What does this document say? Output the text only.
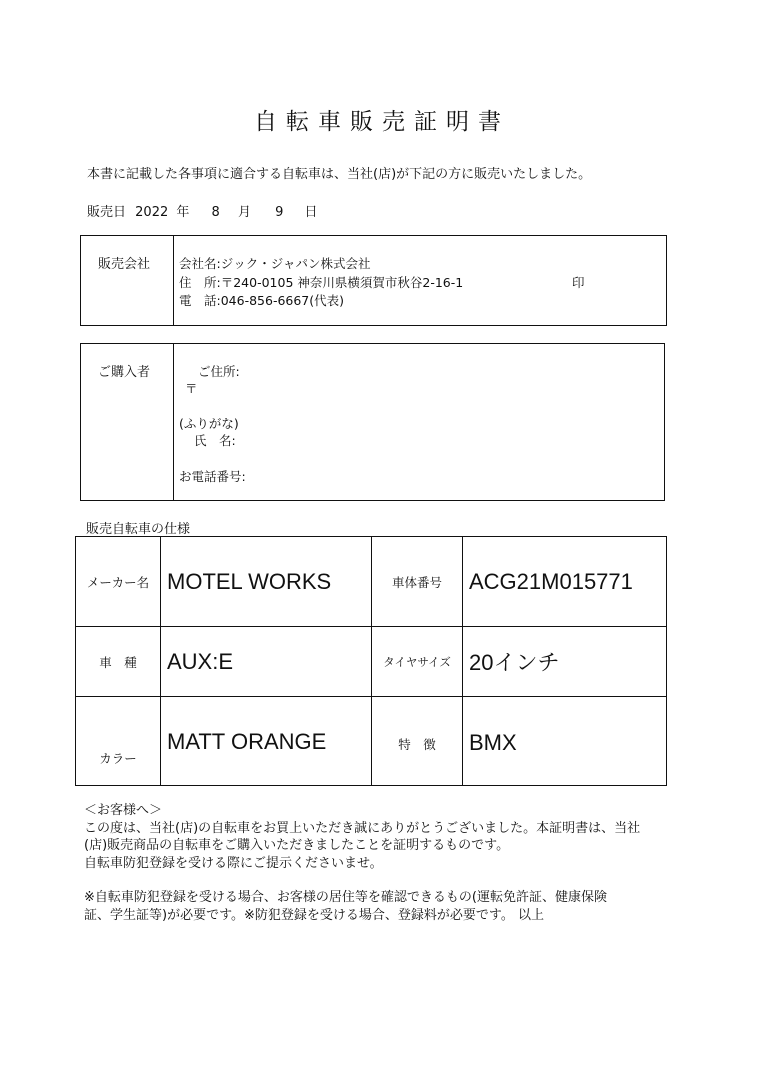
自転車販売証明書
本書に記載した各事項に適合する自転車は、当社(店)が下記の方に販売いたしました。
販売日 2022 年 8 月 9 日
販売会社 会社名:ジック・ジャパン株式会社
住　所:〒240-0105 神奈川県横須賀市秋谷2-16-1	印
電　話:046-856-6667(代表)
ご購入者	ご住所:
〒
(ふりがな)
氏　名:
お電話番号:
販売自転車の仕様
メーカー名	MOTEL WORKS	車体番号	ACG21M015771
車　種	AUX:E	タイヤサイズ	20インチ
カラー	MATT ORANGE	特　徴	BMX

＜お客様へ＞

この度は、当社(店)の自転車をお買上いただき誠にありがとうございました。本証明書は、当社

(店)販売商品の自転車をご購入いただきましたことを証明するものです。

自転車防犯登録を受ける際にご提示くださいませ。

※自転車防犯登録を受ける場合、お客様の居住等を確認できるもの(運転免許証、健康保険

証、学生証等)が必要です。※防犯登録を受ける場合、登録料が必要です。 以上
